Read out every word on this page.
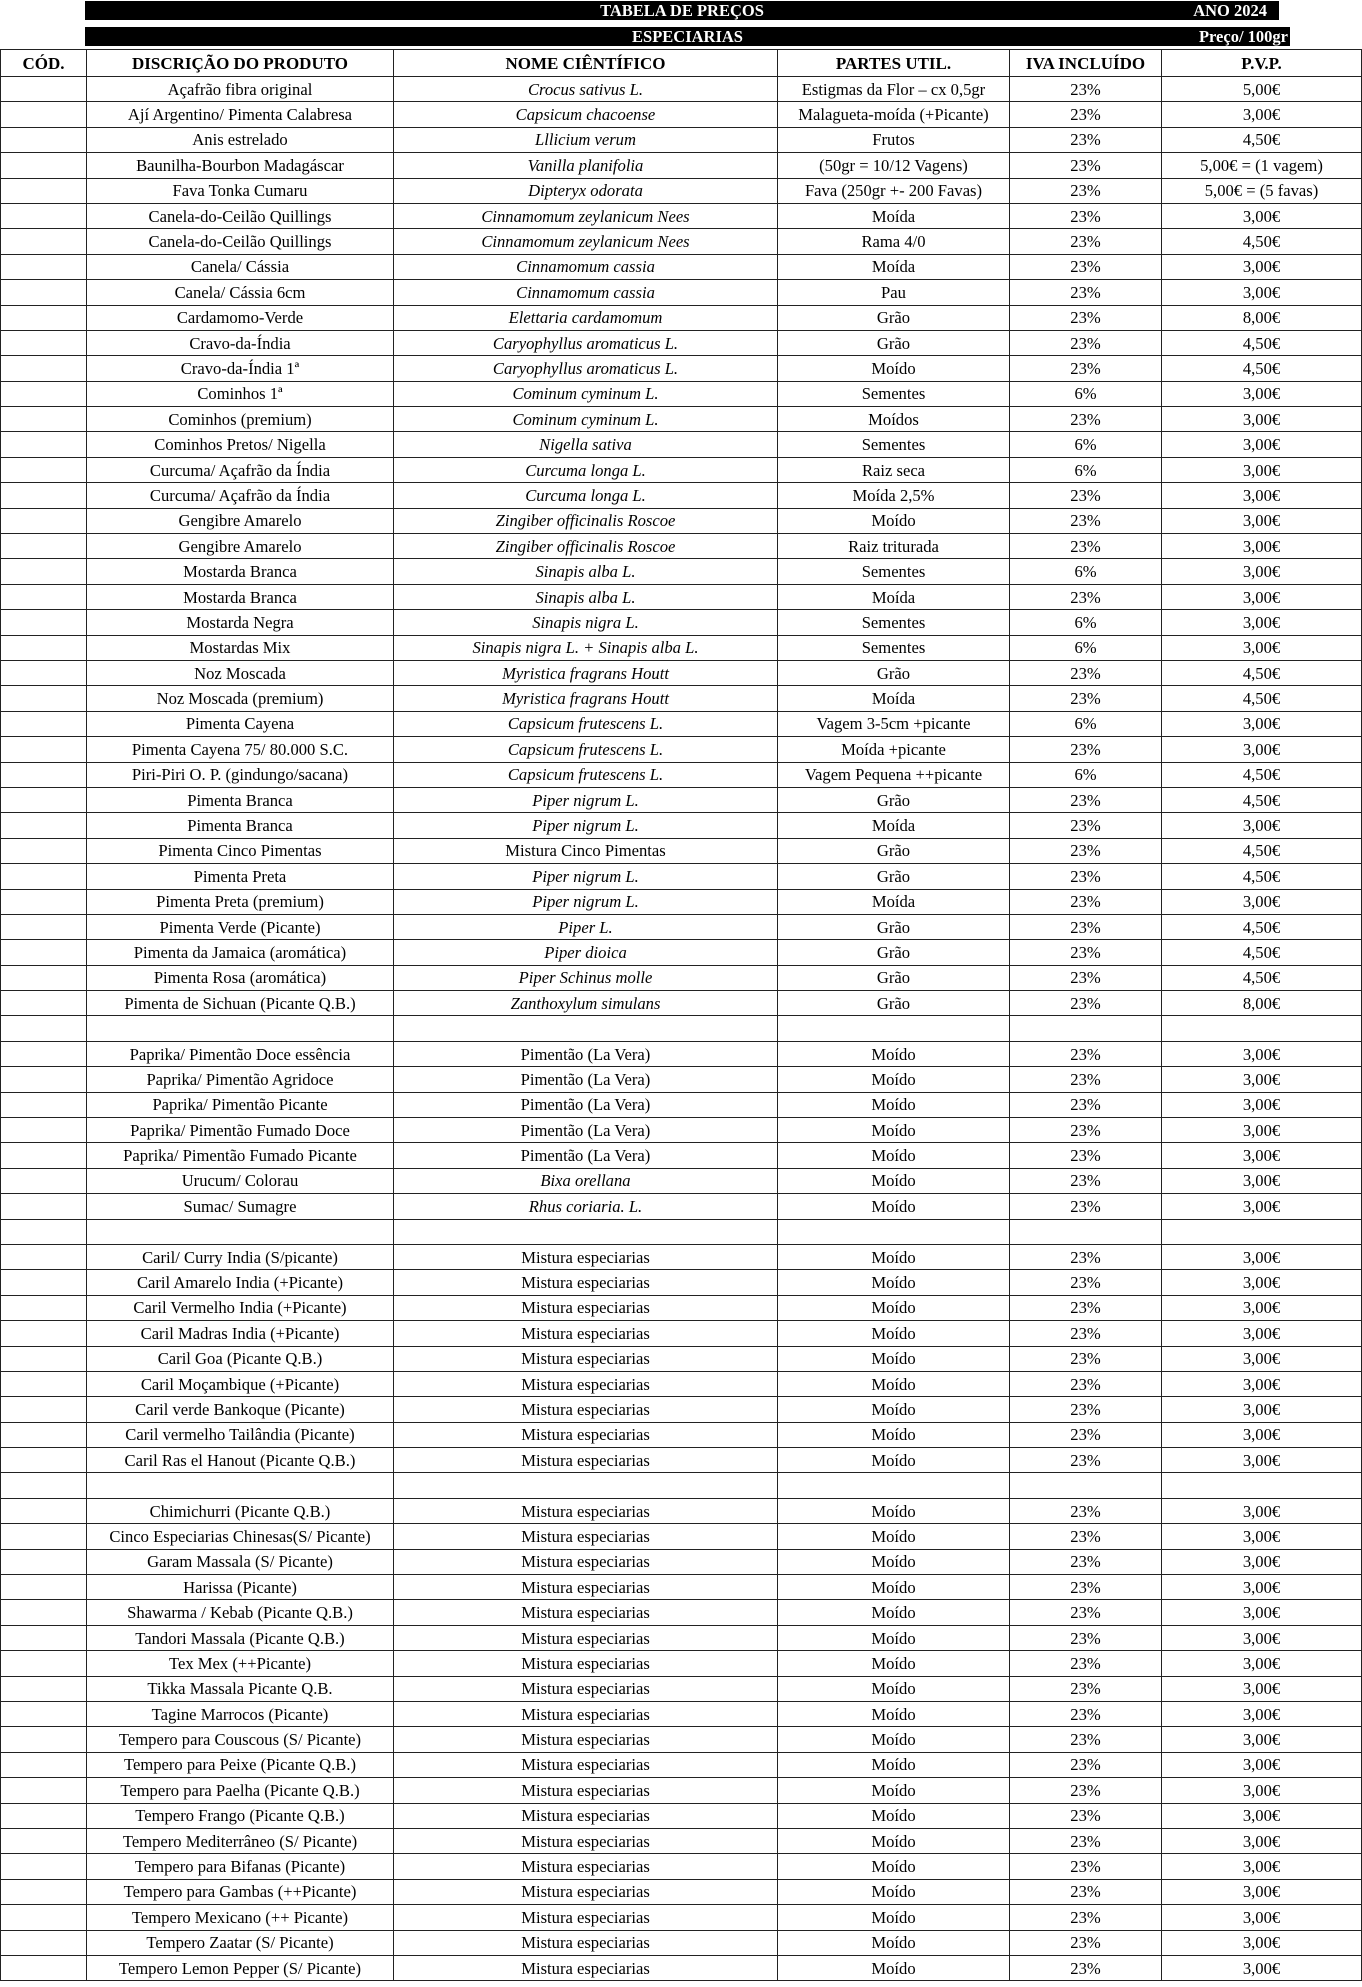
TABELA DE PREÇOS	ANO 2024
ESPECIARIAS	Preço/ 100gr
CÓD.	DISCRIÇÃO DO PRODUTO	NOME CIÊNTÍFICO	PARTES UTIL.	IVA INCLUÍDO	P.V.P.
	Açafrão fibra original	Crocus sativus L.	Estigmas da Flor – cx 0,5gr	23%	5,00€
	Ají Argentino/ Pimenta Calabresa	Capsicum chacoense	Malagueta-moída (+Picante)	23%	3,00€
	Anis estrelado	Lllicium verum	Frutos	23%	4,50€
	Baunilha-Bourbon Madagáscar	Vanilla planifolia	(50gr = 10/12 Vagens)	23%	5,00€ = (1 vagem)
	Fava Tonka Cumaru	Dipteryx odorata	Fava (250gr +- 200 Favas)	23%	5,00€ = (5 favas)
	Canela-do-Ceilão Quillings	Cinnamomum zeylanicum Nees	Moída	23%	3,00€
	Canela-do-Ceilão Quillings	Cinnamomum zeylanicum Nees	Rama 4/0	23%	4,50€
	Canela/ Cássia	Cinnamomum cassia	Moída	23%	3,00€
	Canela/ Cássia 6cm	Cinnamomum cassia	Pau	23%	3,00€
	Cardamomo-Verde	Elettaria cardamomum	Grão	23%	8,00€
	Cravo-da-Índia	Caryophyllus aromaticus L.	Grão	23%	4,50€
	Cravo-da-Índia 1ª	Caryophyllus aromaticus L.	Moído	23%	4,50€
	Cominhos 1ª	Cominum cyminum L.	Sementes	6%	3,00€
	Cominhos (premium)	Cominum cyminum L.	Moídos	23%	3,00€
	Cominhos Pretos/ Nigella	Nigella sativa	Sementes	6%	3,00€
	Curcuma/ Açafrão da Índia	Curcuma longa L.	Raiz seca	6%	3,00€
	Curcuma/ Açafrão da Índia	Curcuma longa L.	Moída 2,5%	23%	3,00€
	Gengibre Amarelo	Zingiber officinalis Roscoe	Moído	23%	3,00€
	Gengibre Amarelo	Zingiber officinalis Roscoe	Raiz triturada	23%	3,00€
	Mostarda Branca	Sinapis alba L.	Sementes	6%	3,00€
	Mostarda Branca	Sinapis alba L.	Moída	23%	3,00€
	Mostarda Negra	Sinapis nigra L.	Sementes	6%	3,00€
	Mostardas Mix	Sinapis nigra L. + Sinapis alba L.	Sementes	6%	3,00€
	Noz Moscada	Myristica fragrans Houtt	Grão	23%	4,50€
	Noz Moscada (premium)	Myristica fragrans Houtt	Moída	23%	4,50€
	Pimenta Cayena	Capsicum frutescens L.	Vagem 3-5cm +picante	6%	3,00€
	Pimenta Cayena 75/ 80.000 S.C.	Capsicum frutescens L.	Moída +picante	23%	3,00€
	Piri-Piri O. P. (gindungo/sacana)	Capsicum frutescens L.	Vagem Pequena ++picante	6%	4,50€
	Pimenta Branca	Piper nigrum L.	Grão	23%	4,50€
	Pimenta Branca	Piper nigrum L.	Moída	23%	3,00€
	Pimenta Cinco Pimentas	Mistura Cinco Pimentas	Grão	23%	4,50€
	Pimenta Preta	Piper nigrum L.	Grão	23%	4,50€
	Pimenta Preta (premium)	Piper nigrum L.	Moída	23%	3,00€
	Pimenta Verde (Picante)	Piper L.	Grão	23%	4,50€
	Pimenta da Jamaica (aromática)	Piper dioica	Grão	23%	4,50€
	Pimenta Rosa (aromática)	Piper Schinus molle	Grão	23%	4,50€
	Pimenta de Sichuan (Picante Q.B.)	Zanthoxylum simulans	Grão	23%	8,00€

	Paprika/ Pimentão Doce essência	Pimentão (La Vera)	Moído	23%	3,00€
	Paprika/ Pimentão Agridoce	Pimentão (La Vera)	Moído	23%	3,00€
	Paprika/ Pimentão Picante	Pimentão (La Vera)	Moído	23%	3,00€
	Paprika/ Pimentão Fumado Doce	Pimentão (La Vera)	Moído	23%	3,00€
	Paprika/ Pimentão Fumado Picante	Pimentão (La Vera)	Moído	23%	3,00€
	Urucum/ Colorau	Bixa orellana	Moído	23%	3,00€
	Sumac/ Sumagre	Rhus coriaria. L.	Moído	23%	3,00€

	Caril/ Curry India (S/picante)	Mistura especiarias	Moído	23%	3,00€
	Caril Amarelo India (+Picante)	Mistura especiarias	Moído	23%	3,00€
	Caril Vermelho India (+Picante)	Mistura especiarias	Moído	23%	3,00€
	Caril Madras India (+Picante)	Mistura especiarias	Moído	23%	3,00€
	Caril Goa (Picante Q.B.)	Mistura especiarias	Moído	23%	3,00€
	Caril Moçambique (+Picante)	Mistura especiarias	Moído	23%	3,00€
	Caril verde Bankoque (Picante)	Mistura especiarias	Moído	23%	3,00€
	Caril vermelho Tailândia (Picante)	Mistura especiarias	Moído	23%	3,00€
	Caril Ras el Hanout (Picante Q.B.)	Mistura especiarias	Moído	23%	3,00€

	Chimichurri (Picante Q.B.)	Mistura especiarias	Moído	23%	3,00€
	Cinco Especiarias Chinesas(S/ Picante)	Mistura especiarias	Moído	23%	3,00€
	Garam Massala (S/ Picante)	Mistura especiarias	Moído	23%	3,00€
	Harissa (Picante)	Mistura especiarias	Moído	23%	3,00€
	Shawarma / Kebab (Picante Q.B.)	Mistura especiarias	Moído	23%	3,00€
	Tandori Massala (Picante Q.B.)	Mistura especiarias	Moído	23%	3,00€
	Tex Mex (++Picante)	Mistura especiarias	Moído	23%	3,00€
	Tikka Massala Picante Q.B.	Mistura especiarias	Moído	23%	3,00€
	Tagine Marrocos (Picante)	Mistura especiarias	Moído	23%	3,00€
	Tempero para Couscous (S/ Picante)	Mistura especiarias	Moído	23%	3,00€
	Tempero para Peixe (Picante Q.B.)	Mistura especiarias	Moído	23%	3,00€
	Tempero para Paelha (Picante Q.B.)	Mistura especiarias	Moído	23%	3,00€
	Tempero Frango (Picante Q.B.)	Mistura especiarias	Moído	23%	3,00€
	Tempero Mediterrâneo (S/ Picante)	Mistura especiarias	Moído	23%	3,00€
	Tempero para Bifanas (Picante)	Mistura especiarias	Moído	23%	3,00€
	Tempero para Gambas (++Picante)	Mistura especiarias	Moído	23%	3,00€
	Tempero Mexicano (++ Picante)	Mistura especiarias	Moído	23%	3,00€
	Tempero Zaatar (S/ Picante)	Mistura especiarias	Moído	23%	3,00€
	Tempero Lemon Pepper (S/ Picante)	Mistura especiarias	Moído	23%	3,00€
